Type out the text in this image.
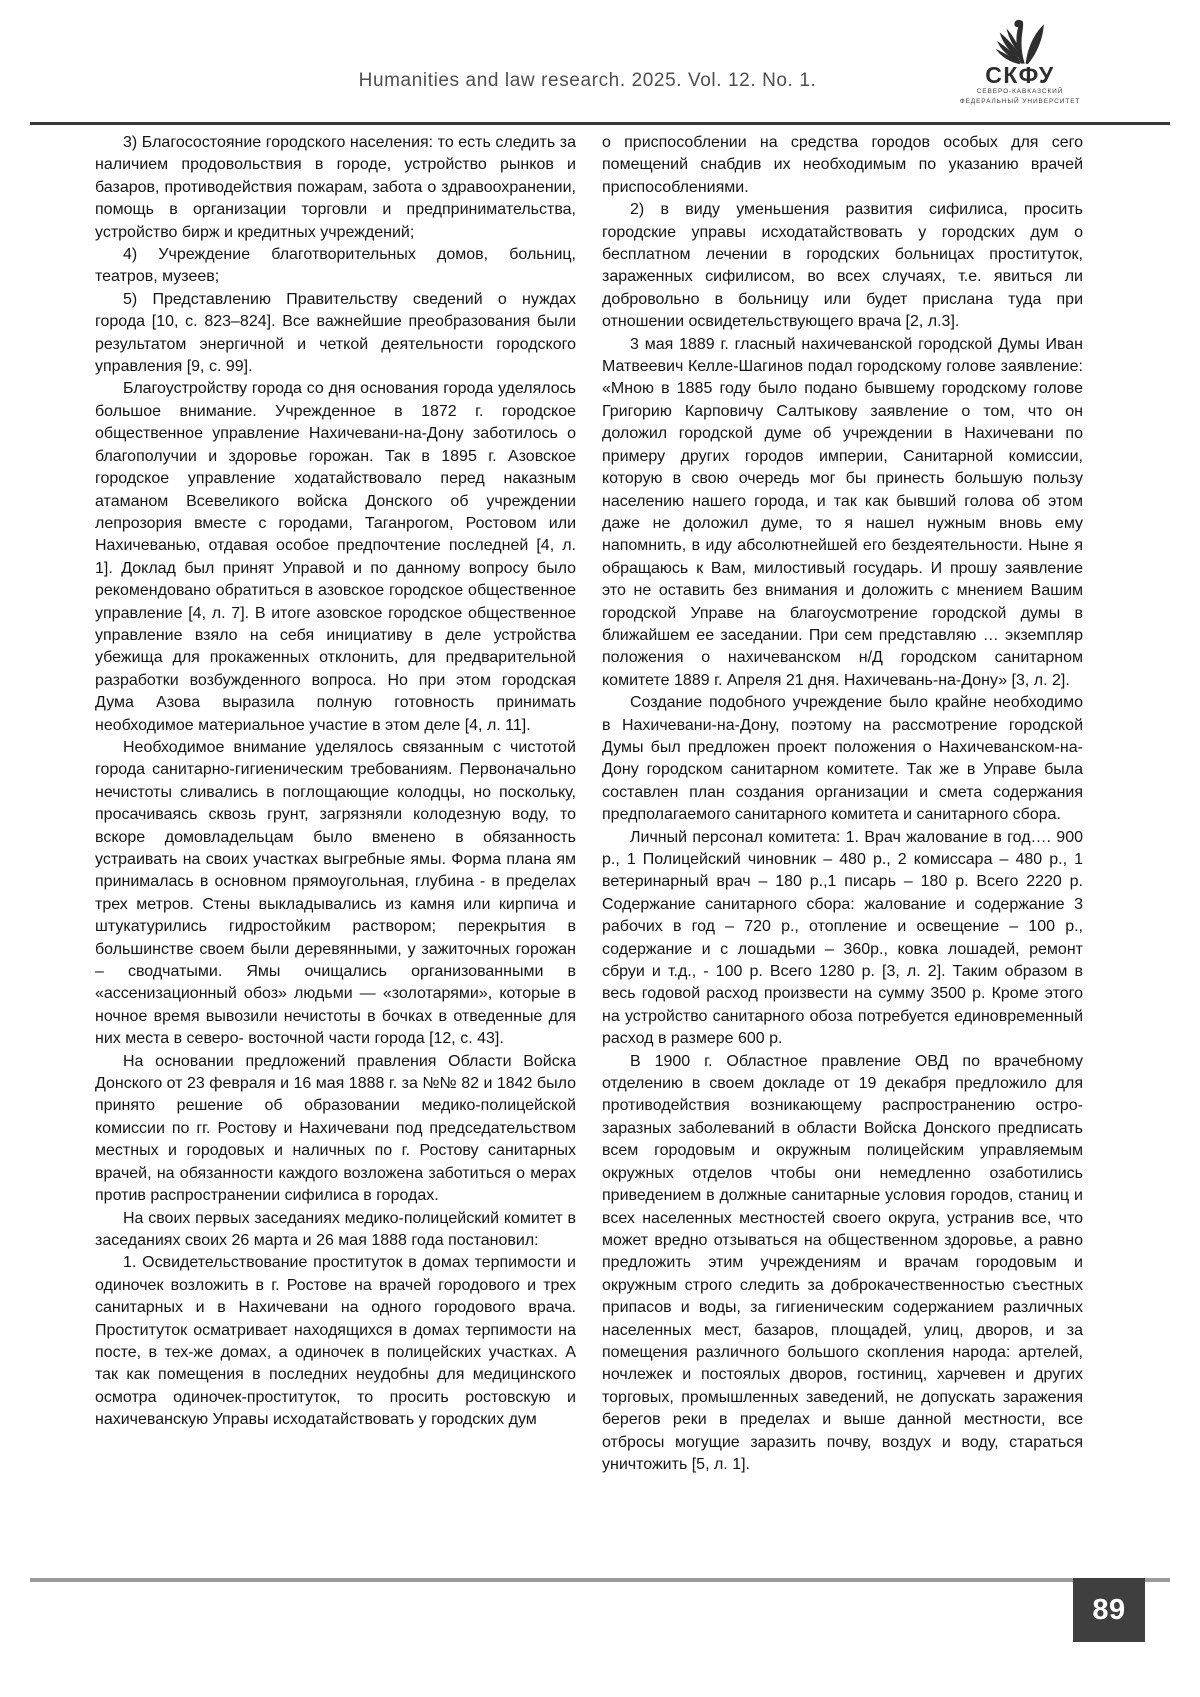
Humanities and law research. 2025. Vol. 12. No. 1.	СКФУ
СЕВЕРО-КАВКАЗСКИЙ
ФЕДЕРАЛЬНЫЙ УНИВЕРСИТЕТ

3) Благосостояние городского населения: то есть следить за наличием продовольствия в городе, устройство рынков и базаров, противодействия пожарам, забота о здравоохранении, помощь в организации торговли и предпринимательства, устройство бирж и кредитных учреждений;

4) Учреждение благотворительных домов, больниц, театров, музеев;

5) Представлению Правительству сведений о нуждах города [10, с. 823–824]. Все важнейшие преобразования были результатом энергичной и четкой деятельности городского управления [9, с. 99].

Благоустройству города со дня основания города уделялось большое внимание. Учрежденное в 1872 г. городское общественное управление Нахичевани-на-Дону заботилось о благополучии и здоровье горожан. Так в 1895 г. Азовское городское управление ходатайствовало перед наказным атаманом Всевеликого войска Донского об учреждении лепрозория вместе с городами, Таганрогом, Ростовом или Нахичеванью, отдавая особое предпочтение последней [4, л. 1]. Доклад был принят Управой и по данному вопросу было рекомендовано обратиться в азовское городское общественное управление [4, л. 7]. В итоге азовское городское общественное управление взяло на себя инициативу в деле устройства убежища для прокаженных отклонить, для предварительной разработки возбужденного вопроса. Но при этом городская Дума Азова выразила полную готовность принимать необходимое материальное участие в этом деле [4, л. 11].

Необходимое внимание уделялось связанным с чистотой города санитарно-гигиеническим требованиям. Первоначально нечистоты сливались в поглощающие колодцы, но поскольку, просачиваясь сквозь грунт, загрязняли колодезную воду, то вскоре домовладельцам было вменено в обязанность устраивать на своих участках выгребные ямы. Форма плана ям принималась в основном прямоугольная, глубина - в пределах трех метров. Стены выкладывались из камня или кирпича и штукатурились гидростойким раствором; перекрытия в большинстве своем были деревянными, у зажиточных горожан – сводчатыми. Ямы очищались организованными в «ассенизационный обоз» людьми — «золотарями», которые в ночное время вывозили нечистоты в бочках в отведенные для них места в северо- восточной части города [12, с. 43].

На основании предложений правления Области Войска Донского от 23 февраля и 16 мая 1888 г. за №№ 82 и 1842 было принято решение об образовании медико-полицейской комиссии по гг. Ростову и Нахичевани под председательством местных и городовых и наличных по г. Ростову санитарных врачей, на обязанности каждого возложена заботиться о мерах против распространении сифилиса в городах.

На своих первых заседаниях медико-полицейский комитет в заседаниях своих 26 марта и 26 мая 1888 года постановил:

1. Освидетельствование проституток в домах терпимости и одиночек возложить в г. Ростове на врачей городового и трех санитарных и в Нахичевани на одного городового врача. Проституток осматривает находящихся в домах терпимости на посте, в тех-же домах, а одиночек в полицейских участках. А так как помещения в последних неудобны для медицинского осмотра одиночек-проституток, то просить ростовскую и нахичеванскую Управы исходатайствовать у городских дум

о приспособлении на средства городов особых для сего помещений снабдив их необходимым по указанию врачей приспособлениями.

2) в виду уменьшения развития сифилиса, просить городские управы исходатайствовать у городских дум о бесплатном лечении в городских больницах проституток, зараженных сифилисом, во всех случаях, т.е. явиться ли добровольно в больницу или будет прислана туда при отношении освидетельствующего врача [2, л.3].

3 мая 1889 г. гласный нахичеванской городской Думы Иван Матвеевич Келле-Шагинов подал городскому голове заявление: «Мною в 1885 году было подано бывшему городскому голове Григорию Карповичу Салтыкову заявление о том, что он доложил городской думе об учреждении в Нахичевани по примеру других городов империи, Санитарной комиссии, которую в свою очередь мог бы принесть большую пользу населению нашего города, и так как бывший голова об этом даже не доложил думе, то я нашел нужным вновь ему напомнить, в иду абсолютнейшей его бездеятельности. Ныне я обращаюсь к Вам, милостивый государь. И прошу заявление это не оставить без внимания и доложить с мнением Вашим городской Управе на благоусмотрение городской думы в ближайшем ее заседании. При сем представляю … экземпляр положения о нахичеванском н/Д городском санитарном комитете 1889 г. Апреля 21 дня. Нахичевань-на-Дону» [3, л. 2].

Создание подобного учреждение было крайне необходимо в Нахичевани-на-Дону, поэтому на рассмотрение городской Думы был предложен проект положения о Нахичеванском-на-Дону городском санитарном комитете. Так же в Управе была составлен план создания организации и смета содержания предполагаемого санитарного комитета и санитарного сбора.

Личный персонал комитета: 1. Врач жалование в год…. 900 р., 1 Полицейский чиновник – 480 р., 2 комиссара – 480 р., 1 ветеринарный врач – 180 р.,1 писарь – 180 р. Всего 2220 р. Содержание санитарного сбора: жалование и содержание 3 рабочих в год – 720 р., отопление и освещение – 100 р., содержание и с лошадьми – 360р., ковка лошадей, ремонт сбруи и т.д., - 100 р. Всего 1280 р. [3, л. 2]. Таким образом в весь годовой расход произвести на сумму 3500 р. Кроме этого на устройство санитарного обоза потребуется единовременный расход в размере 600 р.

В 1900 г. Областное правление ОВД по врачебному отделению в своем докладе от 19 декабря предложило для противодействия возникающему распространению остро-заразных заболеваний в области Войска Донского предписать всем городовым и окружным полицейским управляемым окружных отделов чтобы они немедленно озаботились приведением в должные санитарные условия городов, станиц и всех населенных местностей своего округа, устранив все, что может вредно отзываться на общественном здоровье, а равно предложить этим учреждениям и врачам городовым и окружным строго следить за доброкачественностью съестных припасов и воды, за гигиеническим содержанием различных населенных мест, базаров, площадей, улиц, дворов, и за помещения различного большого скопления народа: артелей, ночлежек и постоялых дворов, гостиниц, харчевен и других торговых, промышленных заведений, не допускать заражения берегов реки в пределах и выше данной местности, все отбросы могущие заразить почву, воздух и воду, стараться уничтожить [5, л. 1].

89
